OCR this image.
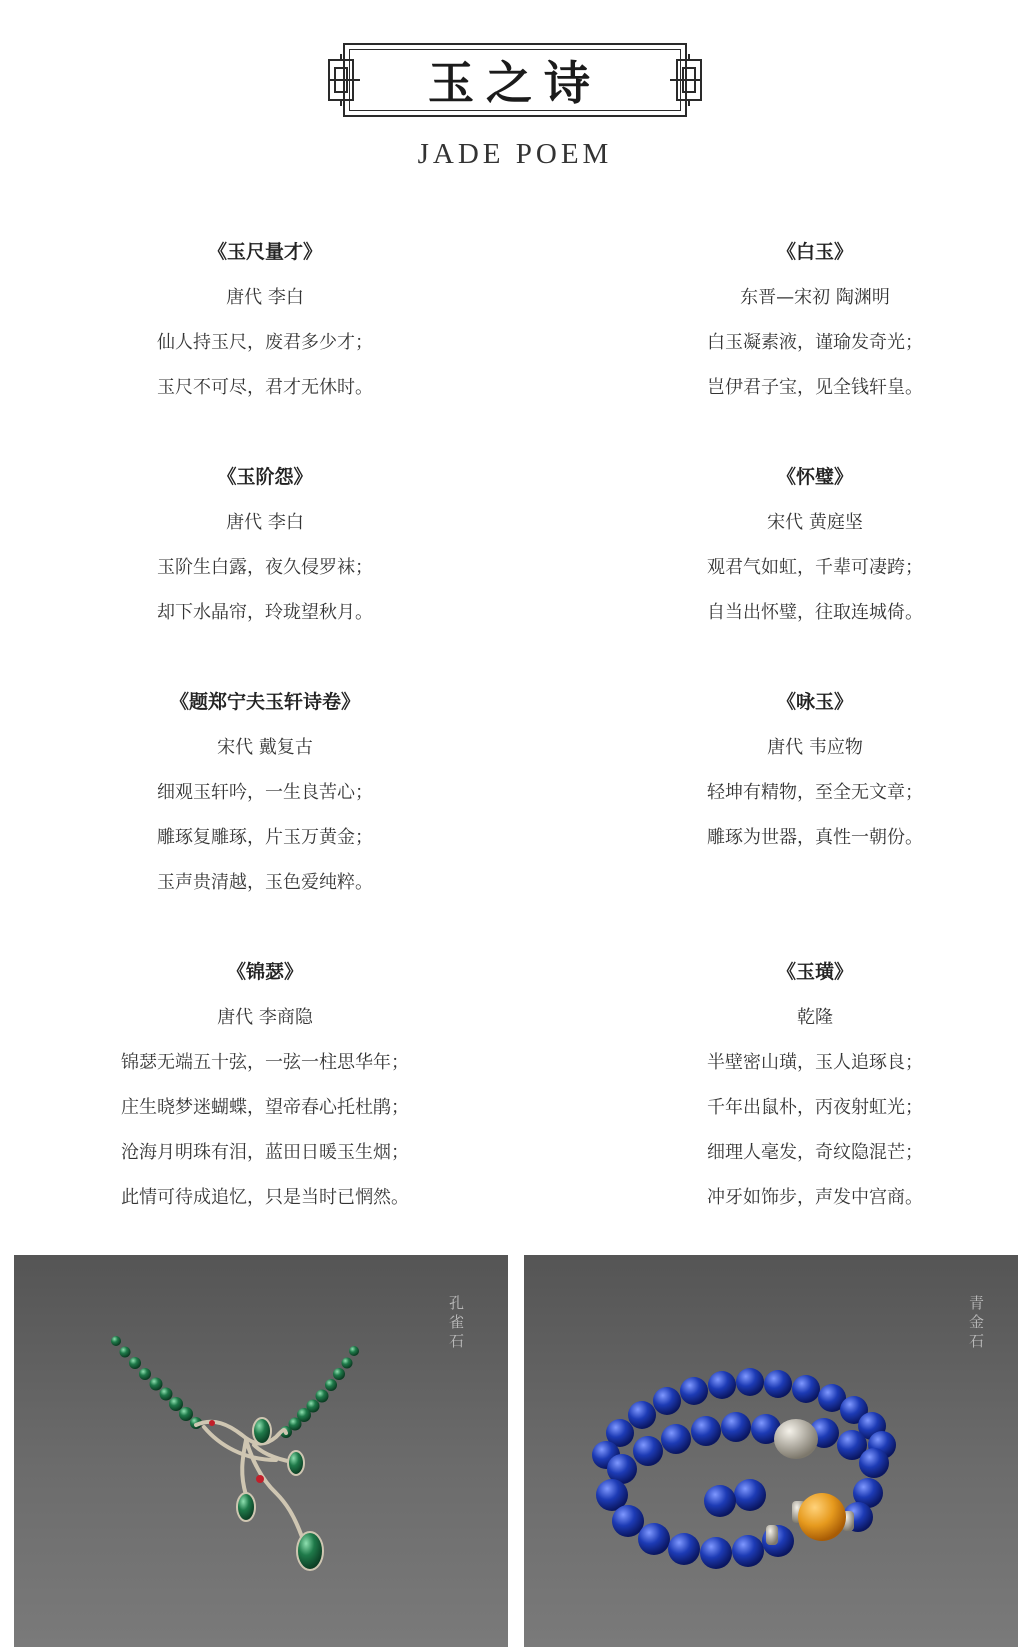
玉之诗
JADE POEM
《玉尺量才》
唐代 李白
仙人持玉尺，废君多少才；
玉尺不可尽，君才无休时。
《白玉》
东晋—宋初 陶渊明
白玉凝素液，谨瑜发奇光；
岂伊君子宝，见全钱轩皇。
《玉阶怨》
唐代 李白
玉阶生白露，夜久侵罗袜；
却下水晶帘，玲珑望秋月。
《怀璧》
宋代 黄庭坚
观君气如虹，千辈可凄跨；
自当出怀璧，往取连城倚。
《题郑宁夫玉轩诗卷》
宋代 戴复古
细观玉轩吟，一生良苦心；
雕琢复雕琢，片玉万黄金；
玉声贵清越，玉色爱纯粹。
《咏玉》
唐代 韦应物
轻坤有精物，至全无文章；
雕琢为世器，真性一朝份。
《锦瑟》
唐代 李商隐
锦瑟无端五十弦，一弦一柱思华年；
庄生晓梦迷蝴蝶，望帝春心托杜鹃；
沧海月明珠有泪，蓝田日暖玉生烟；
此情可待成追忆，只是当时已惘然。
《玉璜》
乾隆
半壁密山璜，玉人追琢良；
千年出鼠朴，丙夜射虹光；
细理人毫发，奇纹隐混芒；
冲牙如饰步，声发中宫商。
孔雀石	青金石
